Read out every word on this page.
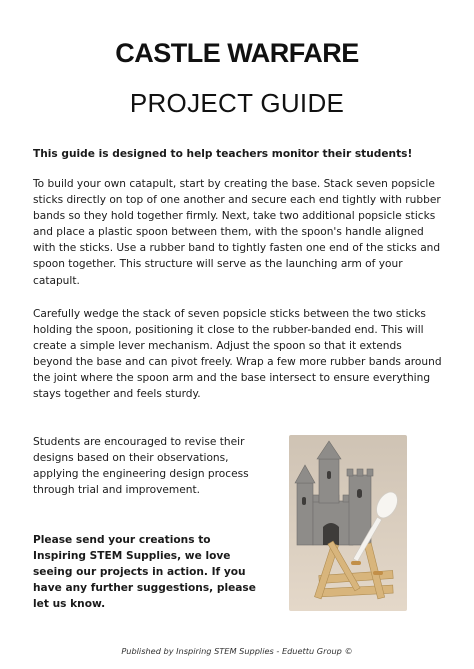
CASTLE WARFARE
PROJECT GUIDE

This guide is designed to help teachers monitor their students!

To build your own catapult, start by creating the base. Stack seven popsicle sticks directly on top of one another and secure each end tightly with rubber bands so they hold together firmly. Next, take two additional popsicle sticks and place a plastic spoon between them, with the spoon's handle aligned with the sticks. Use a rubber band to tightly fasten one end of the sticks and spoon together. This structure will serve as the launching arm of your catapult.

Carefully wedge the stack of seven popsicle sticks between the two sticks holding the spoon, positioning it close to the rubber-banded end. This will create a simple lever mechanism. Adjust the spoon so that it extends beyond the base and can pivot freely. Wrap a few more rubber bands around the joint where the spoon arm and the base intersect to ensure everything stays together and feels sturdy.

Students are encouraged to revise their designs based on their observations, applying the engineering design process through trial and improvement.

Please send your creations to Inspiring STEM Supplies, we love seeing our projects in action. If you have any further suggestions, please let us know.

Published by Inspiring STEM Supplies - Eduettu Group ©
